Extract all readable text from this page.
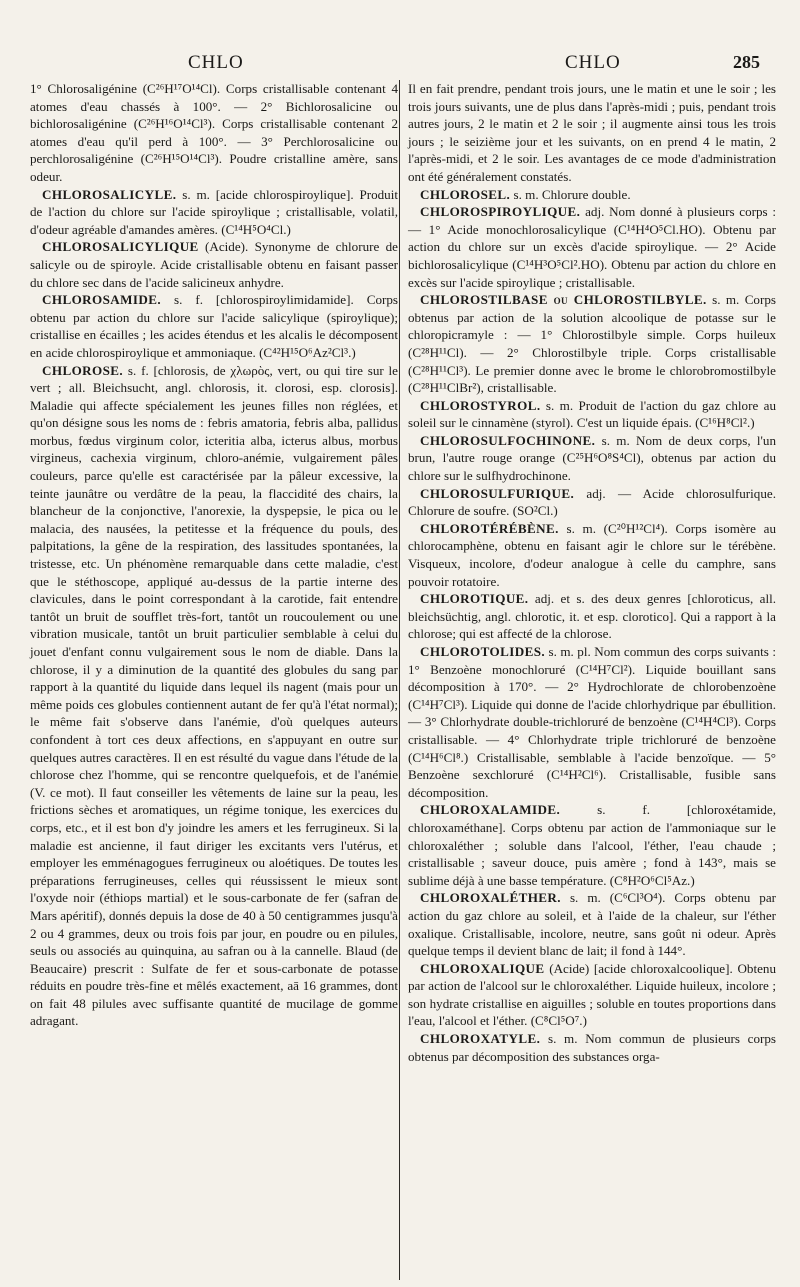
CHLO	CHLO	285

1° Chlorosaligénine (C²⁶H¹⁷O¹⁴Cl). Corps cristallisable contenant 4 atomes d'eau chassés à 100°. — 2° Bichlorosalicine ou bichlorosaligénine (C²⁶H¹⁶O¹⁴Cl³). Corps cristallisable contenant 2 atomes d'eau qu'il perd à 100°. — 3° Perchlorosalicine ou perchlorosaligénine (C²⁶H¹⁵O¹⁴Cl³). Poudre cristalline amère, sans odeur.

CHLOROSALICYLE. s. m. [acide chlorospiroylique]. Produit de l'action du chlore sur l'acide spiroylique ; cristallisable, volatil, d'odeur agréable d'amandes amères. (C¹⁴H⁵O⁴Cl.)

CHLOROSALICYLIQUE (Acide). Synonyme de chlorure de salicyle ou de spiroyle. Acide cristallisable obtenu en faisant passer du chlore sec dans de l'acide salicineux anhydre.

CHLOROSAMIDE. s. f. [chlorospiroylimidamide]. Corps obtenu par action du chlore sur l'acide salicylique (spiroylique); cristallise en écailles ; les acides étendus et les alcalis le décomposent en acide chlorospiroylique et ammoniaque. (C⁴²H¹⁵O⁶Az²Cl³.)

CHLOROSE. s. f. [chlorosis, de χλωρὸς, vert, ou qui tire sur le vert ; all. Bleichsucht, angl. chlorosis, it. clorosi, esp. clorosis]. Maladie qui affecte spécialement les jeunes filles non réglées, et qu'on désigne sous les noms de : febris amatoria, febris alba, pallidus morbus, fœdus virginum color, icteritia alba, icterus albus, morbus virgineus, cachexia virginum, chloro-anémie, vulgairement pâles couleurs, parce qu'elle est caractérisée par la pâleur excessive, la teinte jaunâtre ou verdâtre de la peau, la flaccidité des chairs, la blancheur de la conjonctive, l'anorexie, la dyspepsie, le pica ou le malacia, des nausées, la petitesse et la fréquence du pouls, des palpitations, la gêne de la respiration, des lassitudes spontanées, la tristesse, etc. Un phénomène remarquable dans cette maladie, c'est que le stéthoscope, appliqué au-dessus de la partie interne des clavicules, dans le point correspondant à la carotide, fait entendre tantôt un bruit de soufflet très-fort, tantôt un roucoulement ou une vibration musicale, tantôt un bruit particulier semblable à celui du jouet d'enfant connu vulgairement sous le nom de diable. Dans la chlorose, il y a diminution de la quantité des globules du sang par rapport à la quantité du liquide dans lequel ils nagent (mais pour un même poids ces globules contiennent autant de fer qu'à l'état normal); le même fait s'observe dans l'anémie, d'où quelques auteurs confondent à tort ces deux affections, en s'appuyant en outre sur quelques autres caractères. Il en est résulté du vague dans l'étude de la chlorose chez l'homme, qui se rencontre quelquefois, et de l'anémie (V. ce mot). Il faut conseiller les vêtements de laine sur la peau, les frictions sèches et aromatiques, un régime tonique, les exercices du corps, etc., et il est bon d'y joindre les amers et les ferrugineux. Si la maladie est ancienne, il faut diriger les excitants vers l'utérus, et employer les emménagogues ferrugineux ou aloétiques. De toutes les préparations ferrugineuses, celles qui réussissent le mieux sont l'oxyde noir (éthiops martial) et le sous-carbonate de fer (safran de Mars apéritif), donnés depuis la dose de 40 à 50 centigrammes jusqu'à 2 ou 4 grammes, deux ou trois fois par jour, en poudre ou en pilules, seuls ou associés au quinquina, au safran ou à la cannelle. Blaud (de Beaucaire) prescrit : Sulfate de fer et sous-carbonate de potasse réduits en poudre très-fine et mêlés exactement, aā 16 grammes, dont on fait 48 pilules avec suffisante quantité de mucilage de gomme adragant.

Il en fait prendre, pendant trois jours, une le matin et une le soir ; les trois jours suivants, une de plus dans l'après-midi ; puis, pendant trois autres jours, 2 le matin et 2 le soir ; il augmente ainsi tous les trois jours ; le seizième jour et les suivants, on en prend 4 le matin, 2 l'après-midi, et 2 le soir. Les avantages de ce mode d'administration ont été généralement constatés.

CHLOROSEL. s. m. Chlorure double.

CHLOROSPIROYLIQUE. adj. Nom donné à plusieurs corps : — 1° Acide monochlorosalicylique (C¹⁴H⁴O⁵Cl.HO). Obtenu par action du chlore sur un excès d'acide spiroylique. — 2° Acide bichlorosalicylique (C¹⁴H³O⁵Cl².HO). Obtenu par action du chlore en excès sur l'acide spiroylique ; cristallisable.

CHLOROSTILBASE ou CHLOROSTILBYLE. s. m. Corps obtenus par action de la solution alcoolique de potasse sur le chloropicramyle : — 1° Chlorostilbyle simple. Corps huileux (C²⁸H¹¹Cl). — 2° Chlorostilbyle triple. Corps cristallisable (C²⁸H¹¹Cl³). Le premier donne avec le brome le chlorobromostilbyle (C²⁸H¹¹ClBr²), cristallisable.

CHLOROSTYROL. s. m. Produit de l'action du gaz chlore au soleil sur le cinnamène (styrol). C'est un liquide épais. (C¹⁶H⁸Cl².)

CHLOROSULFOCHINONE. s. m. Nom de deux corps, l'un brun, l'autre rouge orange (C²⁵H⁶O⁸S⁴Cl), obtenus par action du chlore sur le sulfhydrochinone.

CHLOROSULFURIQUE. adj. — Acide chlorosulfurique. Chlorure de soufre. (SO²Cl.)

CHLOROTÉRÉBÈNE. s. m. (C²⁰H¹²Cl⁴). Corps isomère au chlorocamphène, obtenu en faisant agir le chlore sur le térébène. Visqueux, incolore, d'odeur analogue à celle du camphre, sans pouvoir rotatoire.

CHLOROTIQUE. adj. et s. des deux genres [chloroticus, all. bleichsüchtig, angl. chlorotic, it. et esp. clorotico]. Qui a rapport à la chlorose; qui est affecté de la chlorose.

CHLOROTOLIDES. s. m. pl. Nom commun des corps suivants : 1° Benzoène monochloruré (C¹⁴H⁷Cl²). Liquide bouillant sans décomposition à 170°. — 2° Hydrochlorate de chlorobenzoène (C¹⁴H⁷Cl³). Liquide qui donne de l'acide chlorhydrique par ébullition. — 3° Chlorhydrate double-trichloruré de benzoène (C¹⁴H⁴Cl³). Corps cristallisable. — 4° Chlorhydrate triple trichloruré de benzoène (C¹⁴H⁶Cl⁸.) Cristallisable, semblable à l'acide benzoïque. — 5° Benzoène sexchloruré (C¹⁴H²Cl⁶). Cristallisable, fusible sans décomposition.

CHLOROXALAMIDE. s. f. [chloroxétamide, chloroxaméthane]. Corps obtenu par action de l'ammoniaque sur le chloroxaléther ; soluble dans l'alcool, l'éther, l'eau chaude ; cristallisable ; saveur douce, puis amère ; fond à 143°, mais se sublime déjà à une basse température. (C⁸H²O⁶Cl⁵Az.)

CHLOROXALÉTHER. s. m. (C⁶Cl³O⁴). Corps obtenu par action du gaz chlore au soleil, et à l'aide de la chaleur, sur l'éther oxalique. Cristallisable, incolore, neutre, sans goût ni odeur. Après quelque temps il devient blanc de lait; il fond à 144°.

CHLOROXALIQUE (Acide) [acide chloroxalcoolique]. Obtenu par action de l'alcool sur le chloroxaléther. Liquide huileux, incolore ; son hydrate cristallise en aiguilles ; soluble en toutes proportions dans l'eau, l'alcool et l'éther. (C⁸Cl⁵O⁷.)

CHLOROXATYLE. s. m. Nom commun de plusieurs corps obtenus par décomposition des substances orga-
